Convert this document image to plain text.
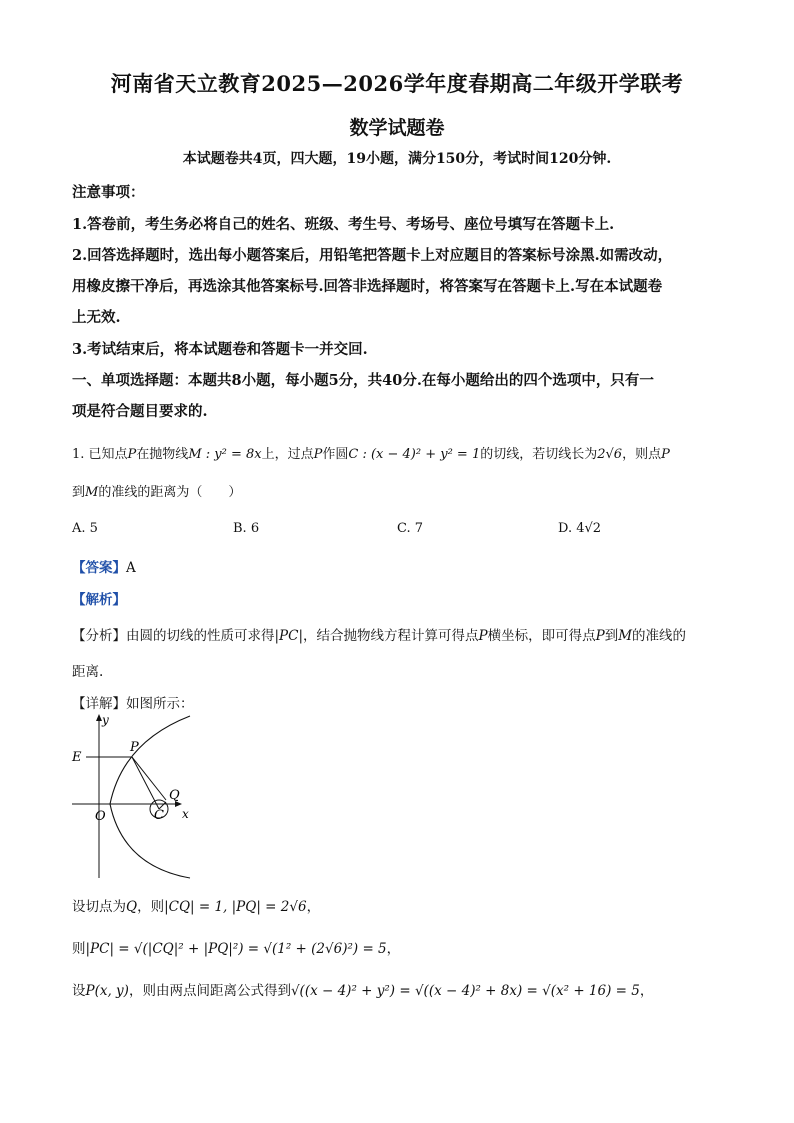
河南省天立教育2025—2026学年度春期高二年级开学联考
数学试题卷
本试题卷共4页，四大题，19小题，满分150分，考试时间120分钟.
注意事项：
1.答卷前，考生务必将自己的姓名、班级、考生号、考场号、座位号填写在答题卡上.
2.回答选择题时，选出每小题答案后，用铅笔把答题卡上对应题目的答案标号涂黑.如需改动，
用橡皮擦干净后，再选涂其他答案标号.回答非选择题时，将答案写在答题卡上.写在本试题卷
上无效.
3.考试结束后，将本试题卷和答题卡一并交回.
一、单项选择题：本题共8小题，每小题5分，共40分.在每小题给出的四个选项中，只有一
项是符合题目要求的.
1. 已知点P在抛物线M : y² = 8x上，过点P作圆C : (x − 4)² + y² = 1的切线，若切线长为2√6，则点P
到M的准线的距离为（　　）
A. 5	B. 6	C. 7	D. 4√2
【答案】A
【解析】
【分析】由圆的切线的性质可求得|PC|，结合抛物线方程计算可得点P横坐标，即可得点P到M的准线的
距离.
【详解】如图所示：
y
x
E
P
O
Q
C
设切点为Q，则|CQ| = 1, |PQ| = 2√6，
则|PC| = √(|CQ|² + |PQ|²) = √(1² + (2√6)²) = 5，
设P(x, y)，则由两点间距离公式得到√((x − 4)² + y²) = √((x − 4)² + 8x) = √(x² + 16) = 5，
